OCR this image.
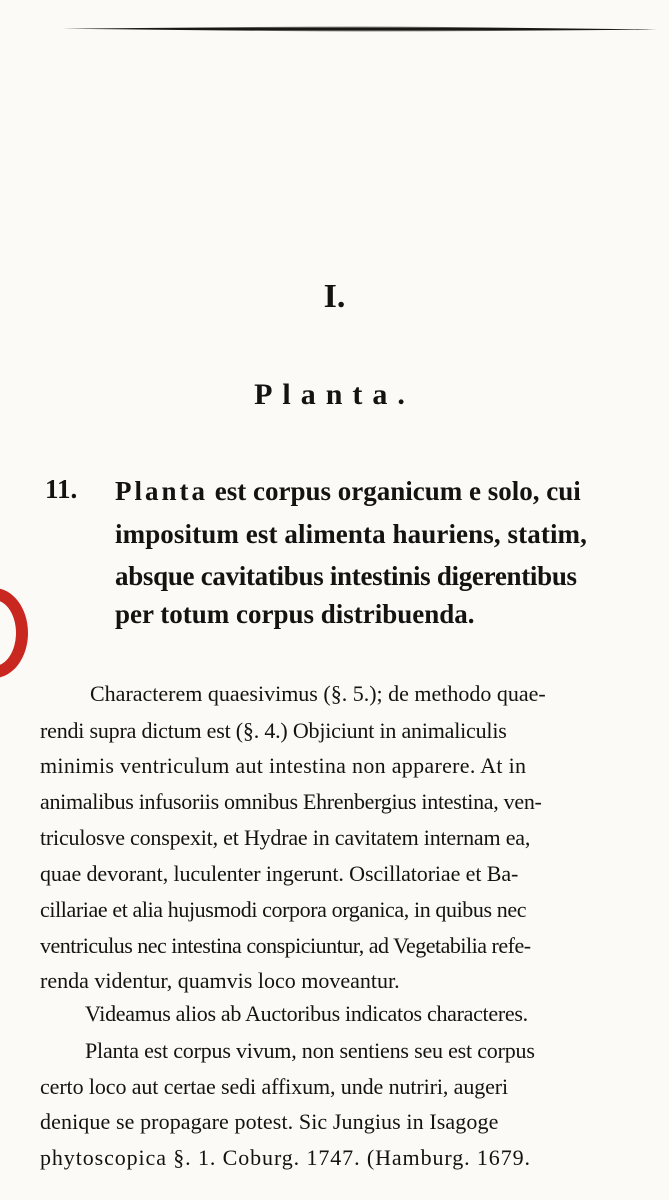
I.
Planta.
11. Planta est corpus organicum e solo, cui

impositum est alimenta hauriens, statim,

absque cavitatibus intestinis digerentibus

per totum corpus distribuenda.

Characterem quaesivimus (§. 5.); de methodo quae-

rendi supra dictum est (§. 4.) Objiciunt in animaliculis

minimis ventriculum aut intestina non apparere. At in

animalibus infusoriis omnibus Ehrenbergius intestina, ven-

triculosve conspexit, et Hydrae in cavitatem internam ea,

quae devorant, luculenter ingerunt. Oscillatoriae et Ba-

cillariae et alia hujusmodi corpora organica, in quibus nec

ventriculus nec intestina conspiciuntur, ad Vegetabilia refe-

renda videntur, quamvis loco moveantur.

Videamus alios ab Auctoribus indicatos characteres.

Planta est corpus vivum, non sentiens seu est corpus

certo loco aut certae sedi affixum, unde nutriri, augeri

denique se propagare potest. Sic Jungius in Isagoge

phytoscopica §. 1. Coburg. 1747. (Hamburg. 1679.
